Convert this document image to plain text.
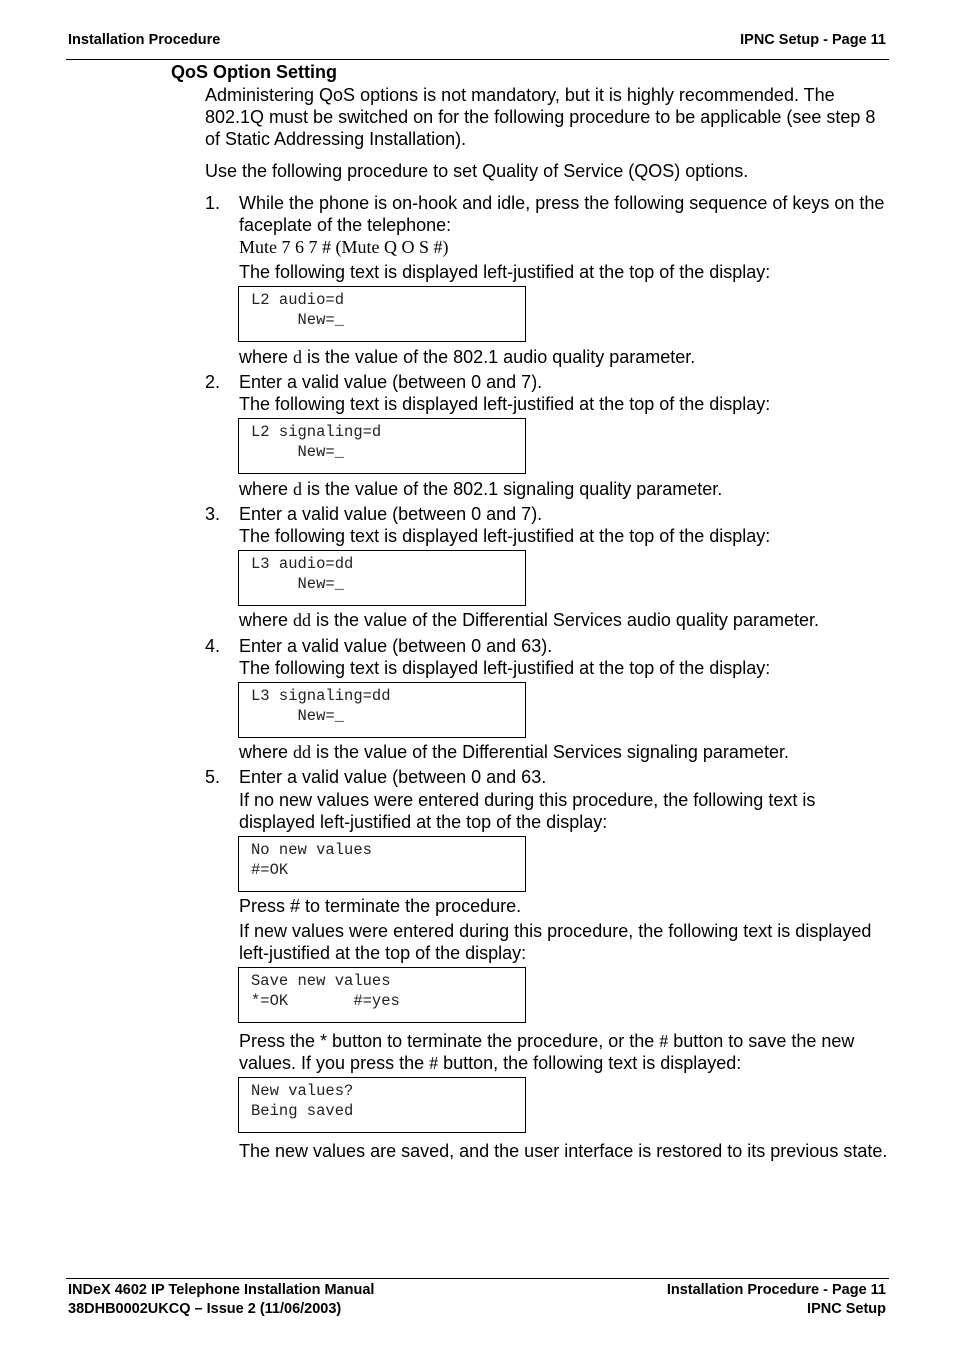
Installation Procedure	IPNC Setup - Page 11
QoS Option Setting
Administering QoS options is not mandatory, but it is highly recommended. The 802.1Q must be switched on for the following procedure to be applicable (see step 8 of Static Addressing Installation).
Use the following procedure to set Quality of Service (QOS) options.
1. While the phone is on-hook and idle, press the following sequence of keys on the faceplate of the telephone:
Mute 7 6 7 # (Mute Q O S #)
The following text is displayed left-justified at the top of the display:
L2 audio=d
New=_
where d is the value of the 802.1 audio quality parameter.
2. Enter a valid value (between 0 and 7).
The following text is displayed left-justified at the top of the display:
L2 signaling=d
New=_
where d is the value of the 802.1 signaling quality parameter.
3. Enter a valid value (between 0 and 7).
The following text is displayed left-justified at the top of the display:
L3 audio=dd
New=_
where dd is the value of the Differential Services audio quality parameter.
4. Enter a valid value (between 0 and 63).
The following text is displayed left-justified at the top of the display:
L3 signaling=dd
New=_
where dd is the value of the Differential Services signaling parameter.
5. Enter a valid value (between 0 and 63.
If no new values were entered during this procedure, the following text is displayed left-justified at the top of the display:
No new values
#=OK
Press # to terminate the procedure.
If new values were entered during this procedure, the following text is displayed left-justified at the top of the display:
Save new values
*=OK       #=yes
Press the * button to terminate the procedure, or the # button to save the new values. If you press the # button, the following text is displayed:
New values?
Being saved
The new values are saved, and the user interface is restored to its previous state.
INDeX 4602 IP Telephone Installation Manual
38DHB0002UKCQ – Issue 2 (11/06/2003)
Installation Procedure - Page 11
IPNC Setup
